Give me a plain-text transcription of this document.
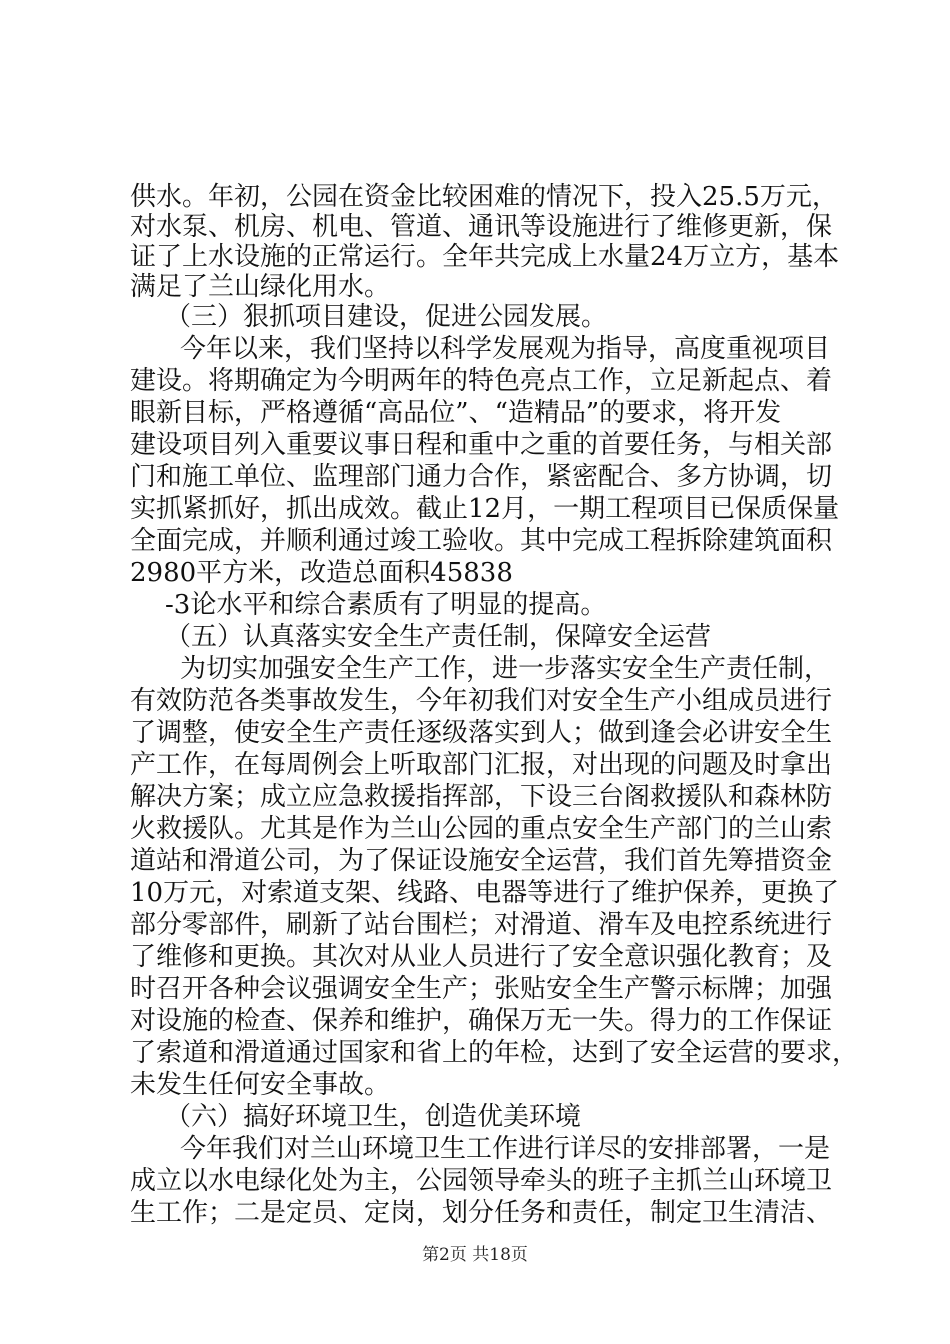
供水。年初，公园在资金比较困难的情况下，投入25.5万元，
对水泵、机房、机电、管道、通讯等设施进行了维修更新，保
证了上水设施的正常运行。全年共完成上水量24万立方，基本
满足了兰山绿化用水。
（三）狠抓项目建设，促进公园发展。
今年以来，我们坚持以科学发展观为指导，高度重视项目
建设。将期确定为今明两年的特色亮点工作，立足新起点、着
眼新目标，严格遵循“高品位”、“造精品”的要求，将开发
建设项目列入重要议事日程和重中之重的首要任务，与相关部
门和施工单位、监理部门通力合作，紧密配合、多方协调，切
实抓紧抓好，抓出成效。截止12月，一期工程项目已保质保量
全面完成，并顺利通过竣工验收。其中完成工程拆除建筑面积
2980平方米，改造总面积45838
-3论水平和综合素质有了明显的提高。
（五）认真落实安全生产责任制，保障安全运营
为切实加强安全生产工作，进一步落实安全生产责任制，
有效防范各类事故发生，今年初我们对安全生产小组成员进行
了调整，使安全生产责任逐级落实到人；做到逢会必讲安全生
产工作，在每周例会上听取部门汇报，对出现的问题及时拿出
解决方案；成立应急救援指挥部，下设三台阁救援队和森林防
火救援队。尤其是作为兰山公园的重点安全生产部门的兰山索
道站和滑道公司，为了保证设施安全运营，我们首先筹措资金
10万元，对索道支架、线路、电器等进行了维护保养，更换了
部分零部件，刷新了站台围栏；对滑道、滑车及电控系统进行
了维修和更换。其次对从业人员进行了安全意识强化教育；及
时召开各种会议强调安全生产；张贴安全生产警示标牌；加强
对设施的检查、保养和维护，确保万无一失。得力的工作保证
了索道和滑道通过国家和省上的年检，达到了安全运营的要求，
未发生任何安全事故。
（六）搞好环境卫生，创造优美环境
今年我们对兰山环境卫生工作进行详尽的安排部署，一是
成立以水电绿化处为主，公园领导牵头的班子主抓兰山环境卫
生工作；二是定员、定岗，划分任务和责任，制定卫生清洁、
第2页 共18页
